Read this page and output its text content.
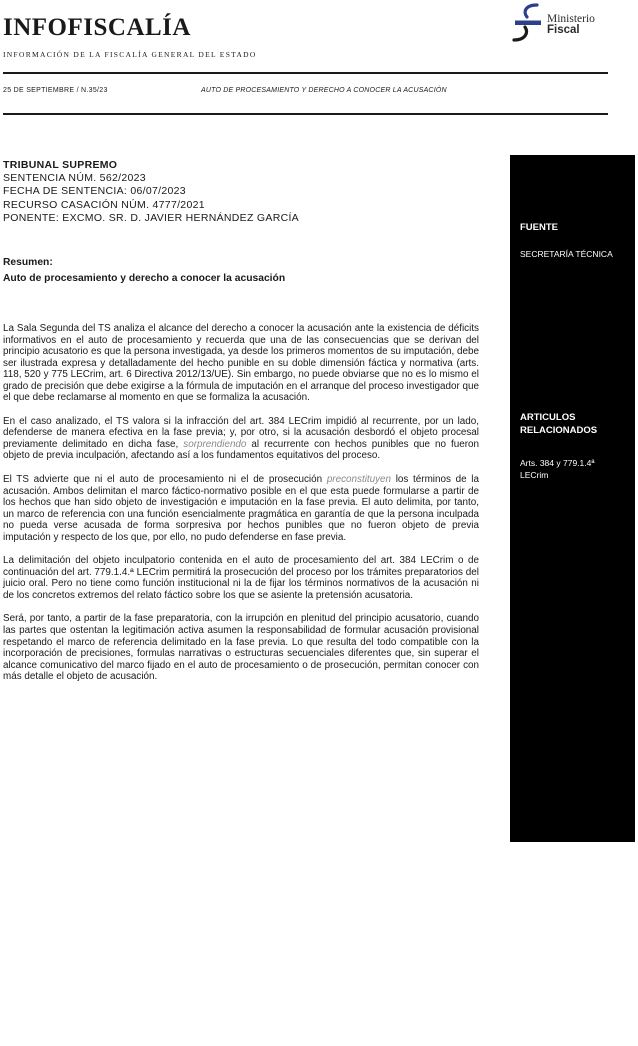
INFOFISCALÍA
INFORMACIÓN DE LA FISCALÍA GENERAL DEL ESTADO
Ministerio
Fiscal
25 DE SEPTIEMBRE / N.35/23	AUTO DE PROCESAMIENTO Y DERECHO A CONOCER LA ACUSACIÓN
TRIBUNAL SUPREMO
SENTENCIA NÚM. 562/2023
FECHA DE SENTENCIA: 06/07/2023
RECURSO CASACIÓN NÚM. 4777/2021
PONENTE: EXCMO. SR. D. JAVIER HERNÁNDEZ GARCÍA
Resumen:
Auto de procesamiento y derecho a conocer la acusación

La Sala Segunda del TS analiza el alcance del derecho a conocer la acusación ante la existencia de déficits informativos en el auto de procesamiento y recuerda que una de las consecuencias que se derivan del principio acusatorio es que la persona investigada, ya desde los primeros momentos de su imputación, debe ser ilustrada expresa y detalladamente del hecho punible en su doble dimensión fáctica y normativa (arts. 118, 520 y 775 LECrim, art. 6 Directiva 2012/13/UE). Sin embargo, no puede obviarse que no es lo mismo el grado de precisión que debe exigirse a la fórmula de imputación en el arranque del proceso investigador que el que debe reclamarse al momento en que se formaliza la acusación.

En el caso analizado, el TS valora si la infracción del art. 384 LECrim impidió al recurrente, por un lado, defenderse de manera efectiva en la fase previa; y, por otro, si la acusación desbordó el objeto procesal previamente delimitado en dicha fase, sorprendiendo al recurrente con hechos punibles que no fueron objeto de previa inculpación, afectando así a los fundamentos equitativos del proceso.

El TS advierte que ni el auto de procesamiento ni el de prosecución preconstituyen los términos de la acusación. Ambos delimitan el marco fáctico-normativo posible en el que esta puede formularse a partir de los hechos que han sido objeto de investigación e imputación en la fase previa. El auto delimita, por tanto, un marco de referencia con una función esencialmente pragmática en garantía de que la persona inculpada no pueda verse acusada de forma sorpresiva por hechos punibles que no fueron objeto de previa imputación y respecto de los que, por ello, no pudo defenderse en fase previa.

La delimitación del objeto inculpatorio contenida en el auto de procesamiento del art. 384 LECrim o de continuación del art. 779.1.4.ª LECrim permitirá la prosecución del proceso por los trámites preparatorios del juicio oral. Pero no tiene como función institucional ni la de fijar los términos normativos de la acusación ni de los concretos extremos del relato fáctico sobre los que se asiente la pretensión acusatoria.

Será, por tanto, a partir de la fase preparatoria, con la irrupción en plenitud del principio acusatorio, cuando las partes que ostentan la legitimación activa asumen la responsabilidad de formular acusación provisional respetando el marco de referencia delimitado en la fase previa. Lo que resulta del todo compatible con la incorporación de precisiones, formulas narrativas o estructuras secuenciales diferentes que, sin superar el alcance comunicativo del marco fijado en el auto de procesamiento o de prosecución, permitan conocer con más detalle el objeto de acusación.

FUENTE
SECRETARÍA TÉCNICA
ARTICULOS
RELACIONADOS
Arts. 384 y 779.1.4ª
LECrim
